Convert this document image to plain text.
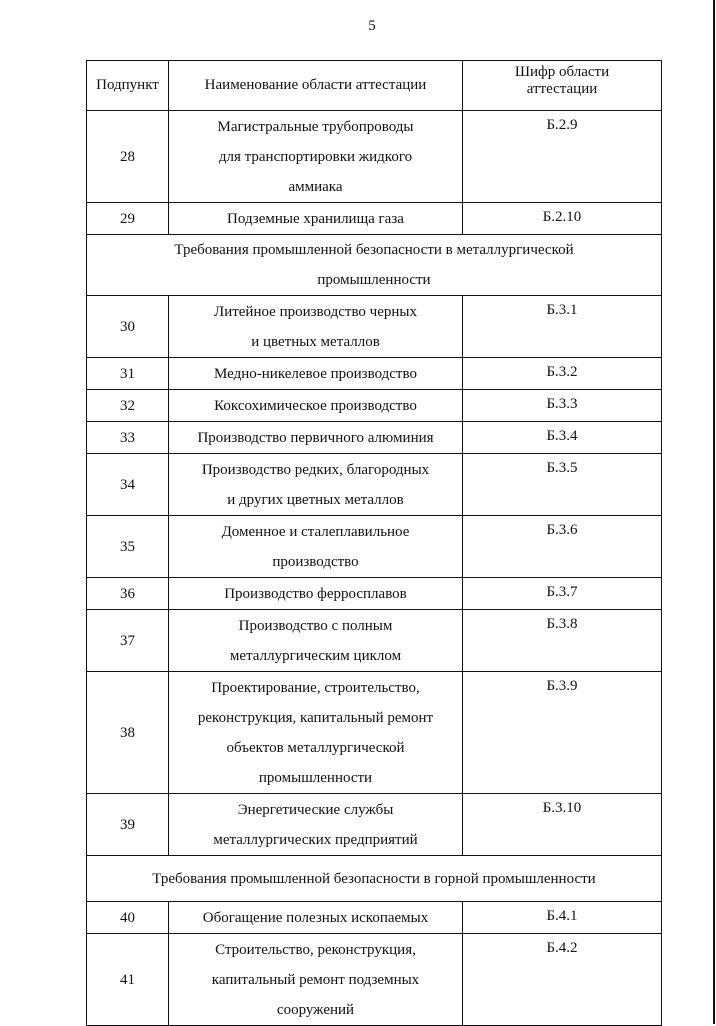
5
Подпункт	Наименование области аттестации	Шифр области
аттестации

28	Магистральные трубопроводы
для транспортировки жидкого
аммиака	Б.2.9
29	Подземные хранилища газа	Б.2.10

Требования промышленной безопасности в металлургической
промышленности		

30	Литейное производство черных
и цветных металлов	Б.3.1
31	Медно-никелевое производство	Б.3.2
32	Коксохимическое производство	Б.3.3
33	Производство первичного алюминия	Б.3.4
34	Производство редких, благородных
и других цветных металлов	Б.3.5
35	Доменное и сталеплавильное
производство	Б.3.6
36	Производство ферросплавов	Б.3.7
37	Производство с полным
металлургическим циклом	Б.3.8
38	Проектирование, строительство,
реконструкция, капитальный ремонт
объектов металлургической
промышленности	Б.3.9
39	Энергетические службы
металлургических предприятий	Б.3.10

Требования промышленной безопасности в горной промышленности		

40	Обогащение полезных ископаемых	Б.4.1
41	Строительство, реконструкция,
капитальный ремонт подземных
сооружений	Б.4.2
